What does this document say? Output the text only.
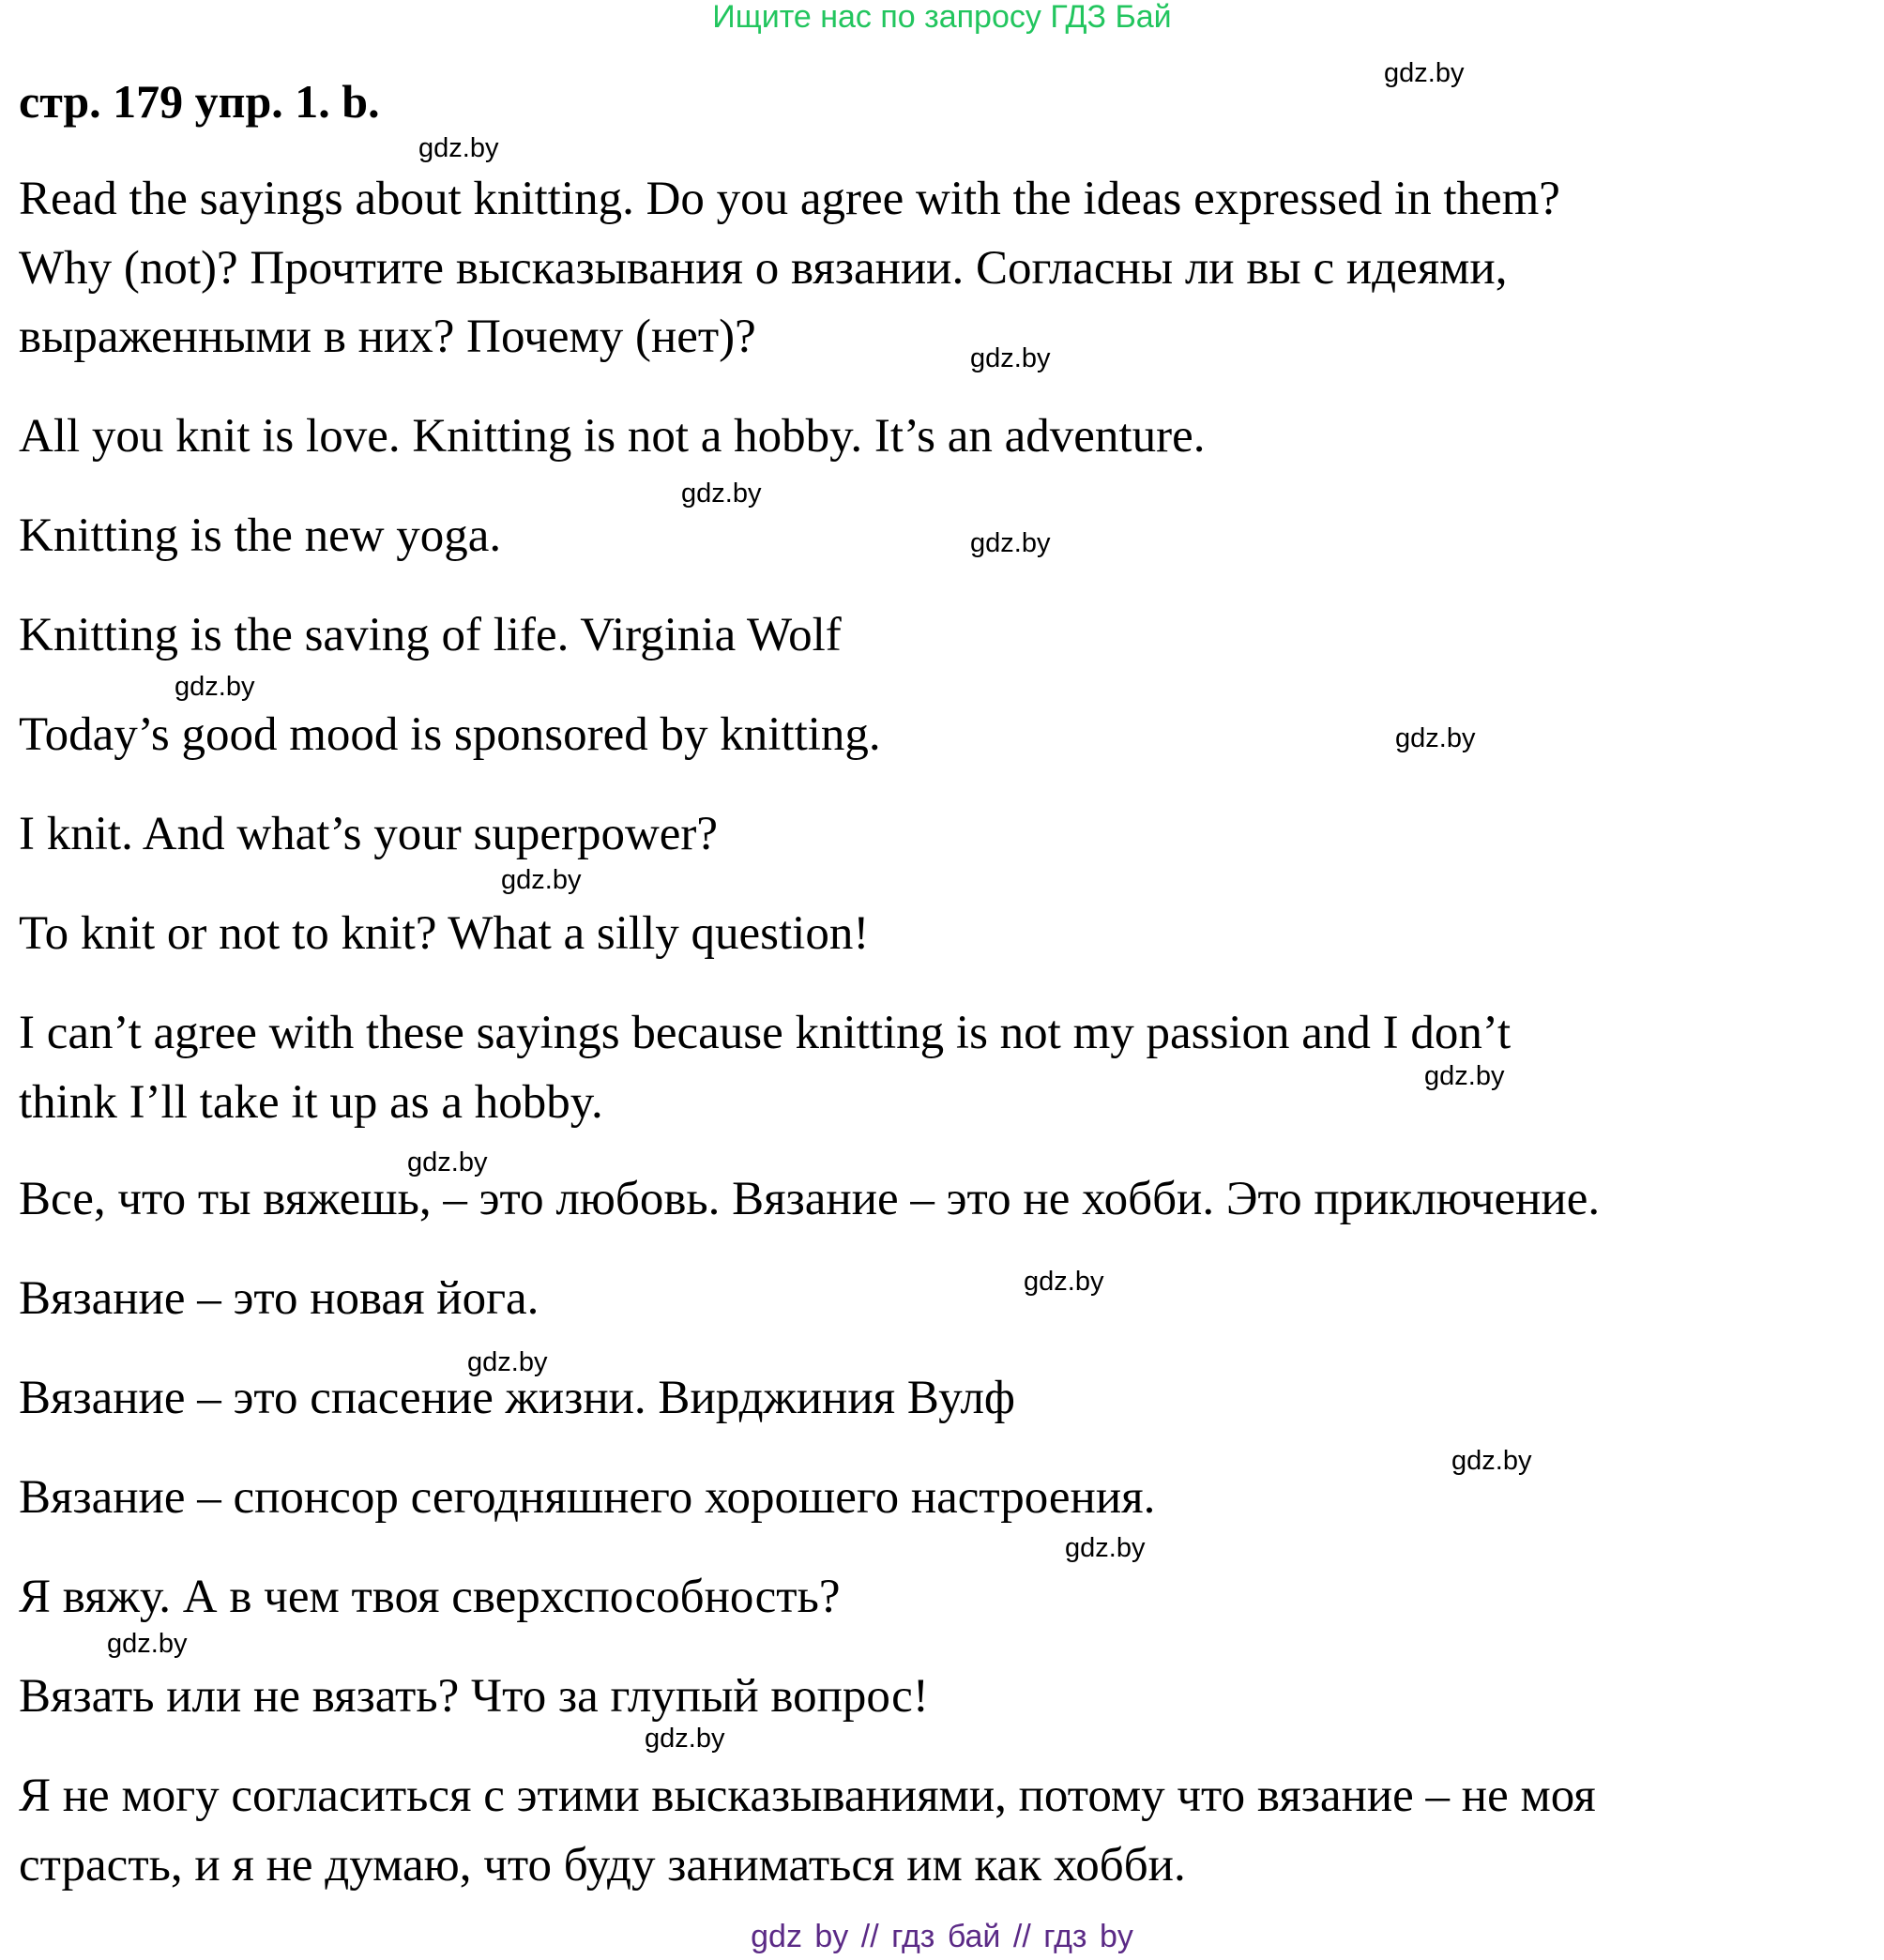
Ищите нас по запросу ГДЗ Бай
стр. 179 упр. 1. b.
Read the sayings about knitting. Do you agree with the ideas expressed in them?
Why (not)? Прочтите высказывания о вязании. Согласны ли вы с идеями,
выраженными в них? Почему (нет)?
All you knit is love. Knitting is not a hobby. It’s an adventure.
Knitting is the new yoga.
Knitting is the saving of life. Virginia Wolf
Today’s good mood is sponsored by knitting.
I knit. And what’s your superpower?
To knit or not to knit? What a silly question!
I can’t agree with these sayings because knitting is not my passion and I don’t
think I’ll take it up as a hobby.
Все, что ты вяжешь, – это любовь. Вязание – это не хобби. Это приключение.
Вязание – это новая йога.
Вязание – это спасение жизни. Вирджиния Вулф
Вязание – спонсор сегодняшнего хорошего настроения.
Я вяжу. А в чем твоя сверхспособность?
Вязать или не вязать? Что за глупый вопрос!
Я не могу согласиться с этими высказываниями, потому что вязание – не моя
страсть, и я не думаю, что буду заниматься им как хобби.
gdz.by
gdz.by
gdz.by
gdz.by
gdz.by
gdz.by
gdz.by
gdz.by
gdz.by
gdz.by
gdz.by
gdz.by
gdz.by
gdz.by
gdz.by
gdz.by
gdz by // гдз бай // гдз by
